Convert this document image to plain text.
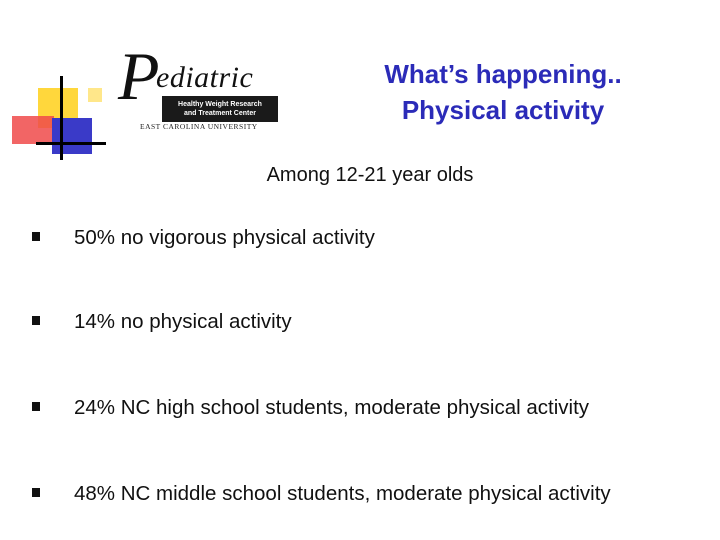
P
ediatric
Healthy Weight Research
and Treatment Center
EAST CAROLINA UNIVERSITY
What’s happening..
Physical activity
Among 12-21 year olds
50% no vigorous physical activity
14% no physical activity
24% NC high school students, moderate physical activity
48% NC middle school students, moderate physical activity
